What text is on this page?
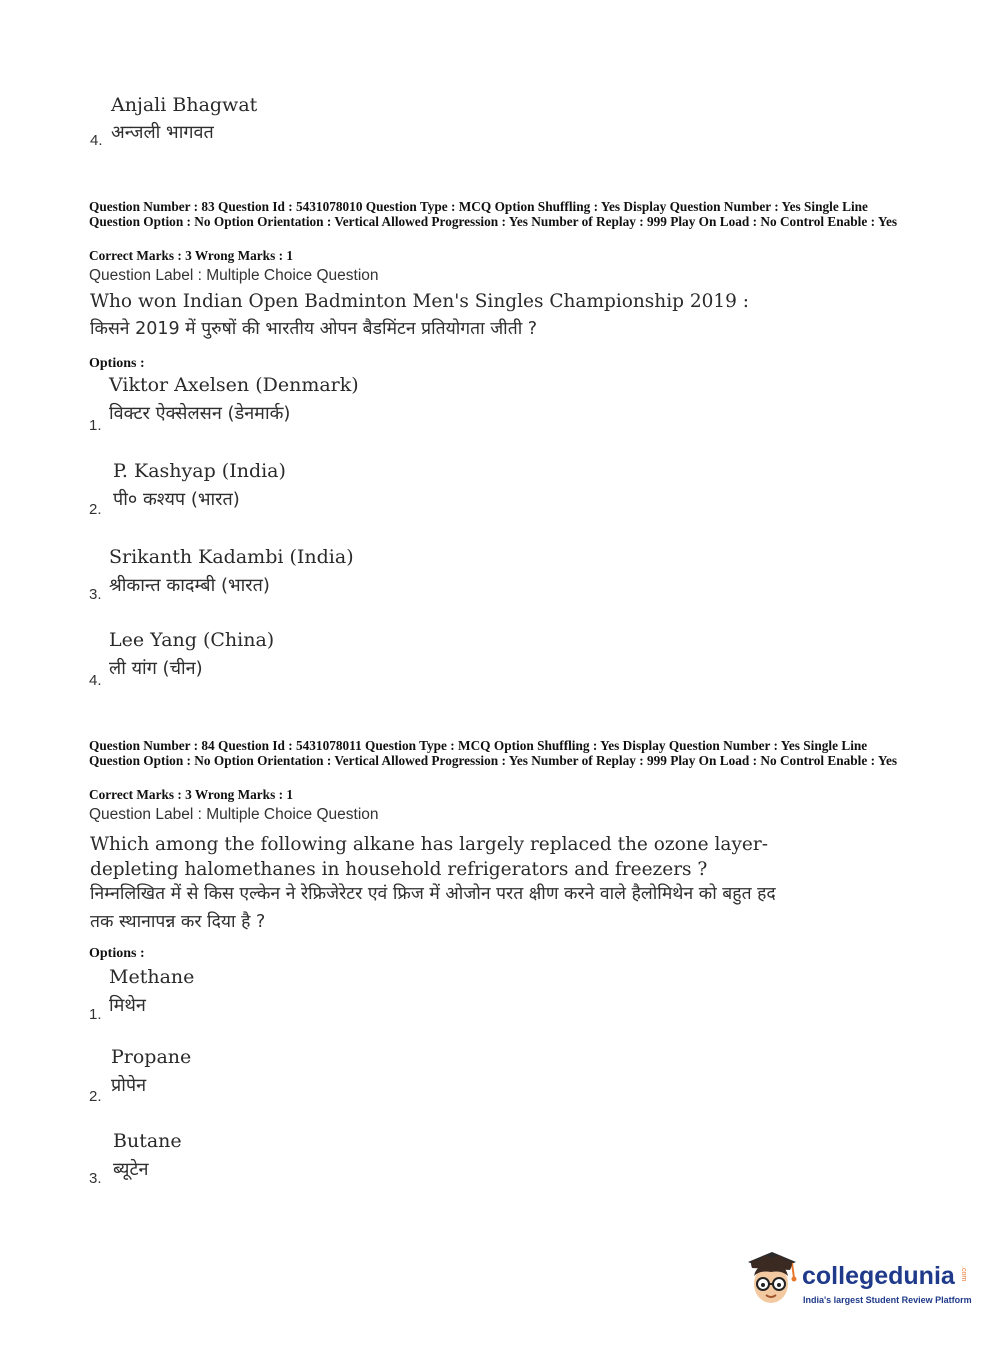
Anjali Bhagwat
अन्जली भागवत
4.
Question Number : 83 Question Id : 5431078010 Question Type : MCQ Option Shuffling : Yes Display Question Number : Yes Single Line Question Option : No Option Orientation : Vertical Allowed Progression : Yes Number of Replay : 999 Play On Load : No Control Enable : Yes
Correct Marks : 3 Wrong Marks : 1
Question Label : Multiple Choice Question
Who won Indian Open Badminton Men's Singles Championship 2019 :
किसने 2019 में पुरुषों की भारतीय ओपन बैडमिंटन प्रतियोगता जीती ?
Options :
Viktor Axelsen (Denmark)
विक्टर ऐक्सेलसन (डेनमार्क)
1.
P. Kashyap (India)
पी० कश्यप (भारत)
2.
Srikanth Kadambi (India)
श्रीकान्त कादम्बी (भारत)
3.
Lee Yang (China)
ली यांग (चीन)
4.
Question Number : 84 Question Id : 5431078011 Question Type : MCQ Option Shuffling : Yes Display Question Number : Yes Single Line Question Option : No Option Orientation : Vertical Allowed Progression : Yes Number of Replay : 999 Play On Load : No Control Enable : Yes
Correct Marks : 3 Wrong Marks : 1
Question Label : Multiple Choice Question
Which among the following alkane has largely replaced the ozone layer-depleting halomethanes in household refrigerators and freezers ?
निम्नलिखित में से किस एल्केन ने रेफ्रिजेरेटर एवं फ्रिज में ओजोन परत क्षीण करने वाले हैलोमिथेन को बहुत हद तक स्थानापन्न कर दिया है ?
Options :
Methane
मिथेन
1.
Propane
प्रोपेन
2.
Butane
ब्यूटेन
3.
collegedunia .com
India's largest Student Review Platform
